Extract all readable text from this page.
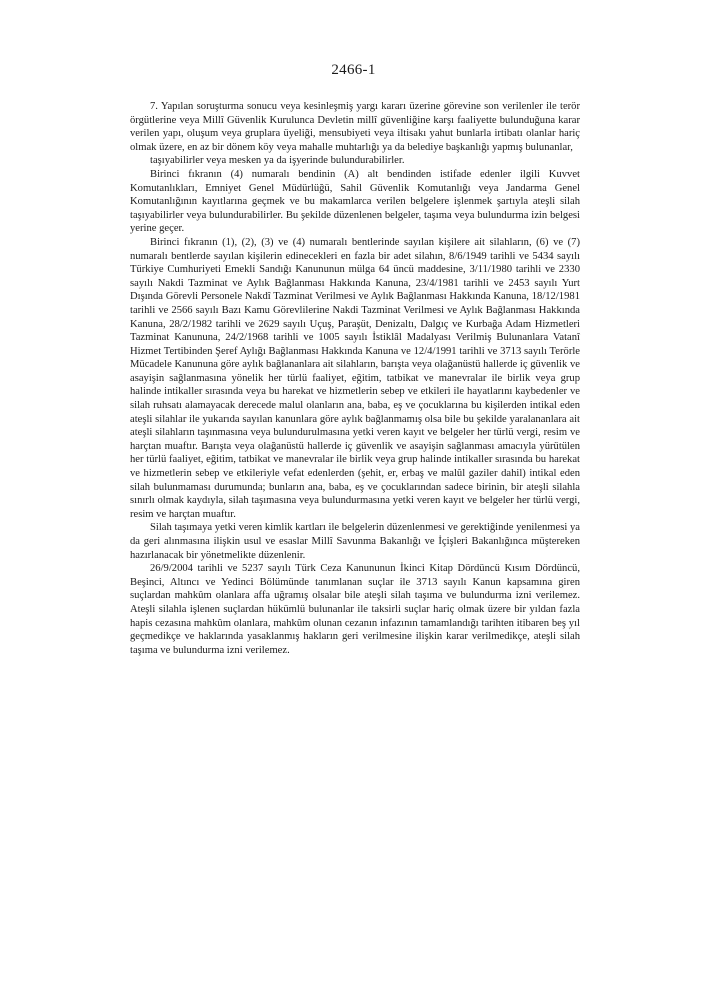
2466-1

7. Yapılan soruşturma sonucu veya kesinleşmiş yargı kararı üzerine görevine son verilenler ile terör örgütlerine veya Millî Güvenlik Kurulunca Devletin millî güvenliğine karşı faaliyette bulunduğuna karar verilen yapı, oluşum veya gruplara üyeliği, mensubiyeti veya iltisakı yahut bunlarla irtibatı olanlar hariç olmak üzere, en az bir dönem köy veya mahalle muhtarlığı ya da belediye başkanlığı yapmış bulunanlar,

taşıyabilirler veya mesken ya da işyerinde bulundurabilirler.

Birinci fıkranın (4) numaralı bendinin (A) alt bendinden istifade edenler ilgili Kuvvet Komutanlıkları, Emniyet Genel Müdürlüğü, Sahil Güvenlik Komutanlığı veya Jandarma Genel Komutanlığının kayıtlarına geçmek ve bu makamlarca verilen belgelere işlenmek şartıyla ateşli silah taşıyabilirler veya bulundurabilirler. Bu şekilde düzenlenen belgeler, taşıma veya bulundurma izin belgesi yerine geçer.

Birinci fıkranın (1), (2), (3) ve (4) numaralı bentlerinde sayılan kişilere ait silahların, (6) ve (7) numaralı bentlerde sayılan kişilerin edinecekleri en fazla bir adet silahın, 8/6/1949 tarihli ve 5434 sayılı Türkiye Cumhuriyeti Emekli Sandığı Kanununun mülga 64 üncü maddesine, 3/11/1980 tarihli ve 2330 sayılı Nakdi Tazminat ve Aylık Bağlanması Hakkında Kanuna, 23/4/1981 tarihli ve 2453 sayılı Yurt Dışında Görevli Personele Nakdî Tazminat Verilmesi ve Aylık Bağlanması Hakkında Kanuna, 18/12/1981 tarihli ve 2566 sayılı Bazı Kamu Görevlilerine Nakdi Tazminat Verilmesi ve Aylık Bağlanması Hakkında Kanuna, 28/2/1982 tarihli ve 2629 sayılı Uçuş, Paraşüt, Denizaltı, Dalgıç ve Kurbağa Adam Hizmetleri Tazminat Kanununa, 24/2/1968 tarihli ve 1005 sayılı İstiklâl Madalyası Verilmiş Bulunanlara Vatanî Hizmet Tertibinden Şeref Aylığı Bağlanması Hakkında Kanuna ve 12/4/1991 tarihli ve 3713 sayılı Terörle Mücadele Kanununa göre aylık bağlananlara ait silahların, barışta veya olağanüstü hallerde iç güvenlik ve asayişin sağlanmasına yönelik her türlü faaliyet, eğitim, tatbikat ve manevralar ile birlik veya grup halinde intikaller sırasında veya bu harekat ve hizmetlerin sebep ve etkileri ile hayatlarını kaybedenler ve silah ruhsatı alamayacak derecede malul olanların ana, baba, eş ve çocuklarına bu kişilerden intikal eden ateşli silahlar ile yukarıda sayılan kanunlara göre aylık bağlanmamış olsa bile bu şekilde yaralananlara ait ateşli silahların taşınmasına veya bulundurulmasına yetki veren kayıt ve belgeler her türlü vergi, resim ve harçtan muaftır. Barışta veya olağanüstü hallerde iç güvenlik ve asayişin sağlanması amacıyla yürütülen her türlü faaliyet, eğitim, tatbikat ve manevralar ile birlik veya grup halinde intikaller sırasında bu harekat ve hizmetlerin sebep ve etkileriyle vefat edenlerden (şehit, er, erbaş ve malûl gaziler dahil) intikal eden silah bulunmaması durumunda; bunların ana, baba, eş ve çocuklarından sadece birinin, bir ateşli silahla sınırlı olmak kaydıyla, silah taşımasına veya bulundurmasına yetki veren kayıt ve belgeler her türlü vergi, resim ve harçtan muaftır.

Silah taşımaya yetki veren kimlik kartları ile belgelerin düzenlenmesi ve gerektiğinde yenilenmesi ya da geri alınmasına ilişkin usul ve esaslar Millî Savunma Bakanlığı ve İçişleri Bakanlığınca müştereken hazırlanacak bir yönetmelikte düzenlenir.

26/9/2004 tarihli ve 5237 sayılı Türk Ceza Kanununun İkinci Kitap Dördüncü Kısım Dördüncü, Beşinci, Altıncı ve Yedinci Bölümünde tanımlanan suçlar ile 3713 sayılı Kanun kapsamına giren suçlardan mahkûm olanlara affa uğramış olsalar bile ateşli silah taşıma ve bulundurma izni verilemez. Ateşli silahla işlenen suçlardan hükümlü bulunanlar ile taksirli suçlar hariç olmak üzere bir yıldan fazla hapis cezasına mahkûm olanlara, mahkûm olunan cezanın infazının tamamlandığı tarihten itibaren beş yıl geçmedikçe ve haklarında yasaklanmış hakların geri verilmesine ilişkin karar verilmedikçe, ateşli silah taşıma ve bulundurma izni verilemez.
